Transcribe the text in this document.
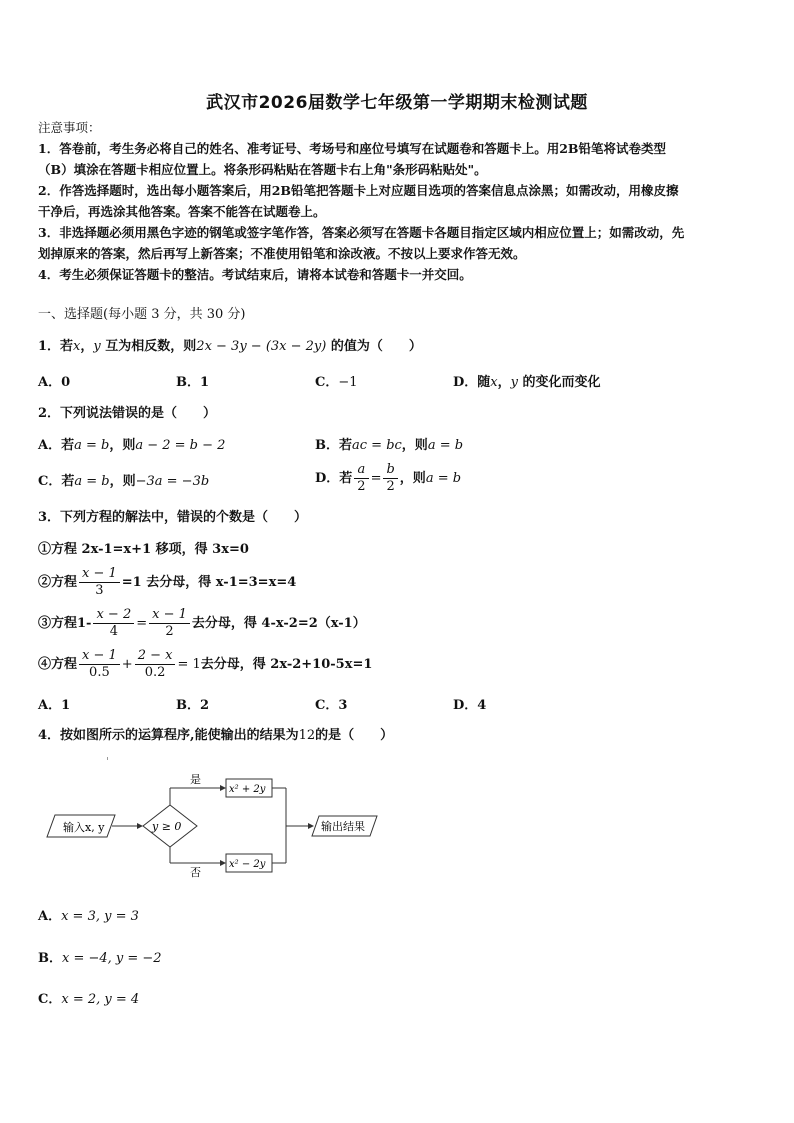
武汉市2026届数学七年级第一学期期末检测试题
注意事项：
1．答卷前，考生务必将自己的姓名、准考证号、考场号和座位号填写在试题卷和答题卡上。用2B铅笔将试卷类型
（B）填涂在答题卡相应位置上。将条形码粘贴在答题卡右上角"条形码粘贴处"。
2．作答选择题时，选出每小题答案后，用2B铅笔把答题卡上对应题目选项的答案信息点涂黑；如需改动，用橡皮擦
干净后，再选涂其他答案。答案不能答在试题卷上。
3．非选择题必须用黑色字迹的钢笔或签字笔作答，答案必须写在答题卡各题目指定区域内相应位置上；如需改动，先
划掉原来的答案，然后再写上新答案；不准使用铅笔和涂改液。不按以上要求作答无效。
4．考生必须保证答题卡的整洁。考试结束后，请将本试卷和答题卡一并交回。
一、选择题(每小题 3 分，共 30 分)
1．若x，y 互为相反数，则2x − 3y − (3x − 2y) 的值为（　　）
A．0	B．1	C．−1	D．随x，y 的变化而变化
2．下列说法错误的是（　　）
A．若a = b，则a − 2 = b − 2	B．若ac = bc，则a = b
C．若a = b，则−3a = −3b	D．若 $\frac{a}{2} = \frac{b}{2}$ ，则a = b
3．下列方程的解法中，错误的个数是（　　）
①方程 2x-1=x+1 移项，得 3x=0
②方程 $\frac{x - 1}{3} =1$ 去分母，得 x-1=3=x=4
③方程$1- \frac{x - 2}{4} = \frac{x - 1}{2}$ 去分母，得 4-x-2=2（x-1）
④方程 $\frac{x - 1}{0.5} + \frac{2 - x}{0.2} = 1$去分母，得 2x-2+10-5x=1
A．1	B．2	C．3	D．4
4．按如图所示的运算程序,能使输出的结果为12的是（　　）
输入x, y	y ≥ 0
是
否
x² + 2y
x² − 2y
输出结果
A．x = 3, y = 3
B．x = −4, y = −2
C．x = 2, y = 4
